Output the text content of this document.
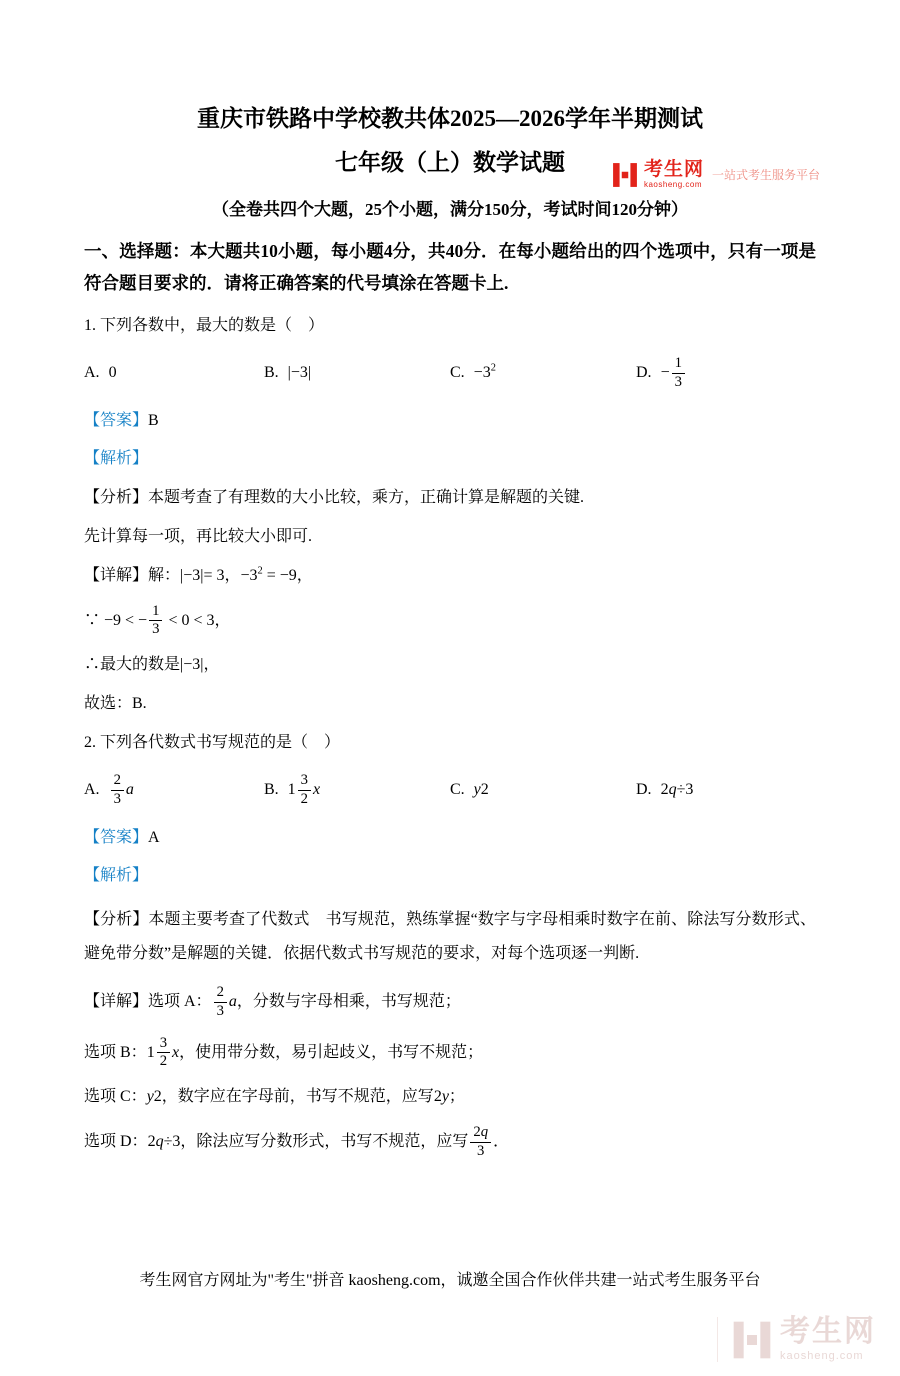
考生网
kaosheng.com
一站式考生服务平台
重庆市铁路中学校教共体2025—2026学年半期测试
七年级（上）数学试题
（全卷共四个大题，25个小题，满分150分，考试时间120分钟）
一、选择题：本大题共10小题，每小题4分，共40分．在每小题给出的四个选项中，只有一项是符合题目要求的．请将正确答案的代号填涂在答题卡上.
1. 下列各数中，最大的数是（　）
A. 0	B. |−3|	C. $-3^2$	D. − $\frac{1}{3}$
【答案】B
【解析】
【分析】本题考查了有理数的大小比较，乘方，正确计算是解题的关键.
先计算每一项，再比较大小即可.
【详解】解：|−3|= 3，$-3^2 = -9$，
∵ −9 < − $\frac{1}{3} < 0 < 3$，
∴最大的数是|−3|，
故选：B.
2. 下列各代数式书写规范的是（　）
A. $\frac{2}{3}$ a	B. $1 \frac{3}{2}$ x	C. y2	D. 2q÷3
【答案】A
【解析】
【分析】本题主要考查了代数式　书写规范，熟练掌握“数字与字母相乘时数字在前、除法写分数形式、避免带分数”是解题的关键．依据代数式书写规范的要求，对每个选项逐一判断.
【详解】选项 A： $\frac{2}{3}$ a，分数与字母相乘，书写规范；
选项 B：$1 \frac{3}{2}$ x，使用带分数，易引起歧义，书写不规范；
选项 C：y2，数字应在字母前，书写不规范，应写2y；
选项 D：2q÷3，除法应写分数形式，书写不规范，应写 $\frac{2q}{3}$ ．
考生网官方网址为"考生"拼音 kaosheng.com，诚邀全国合作伙伴共建一站式考生服务平台
考生网
kaosheng.com
